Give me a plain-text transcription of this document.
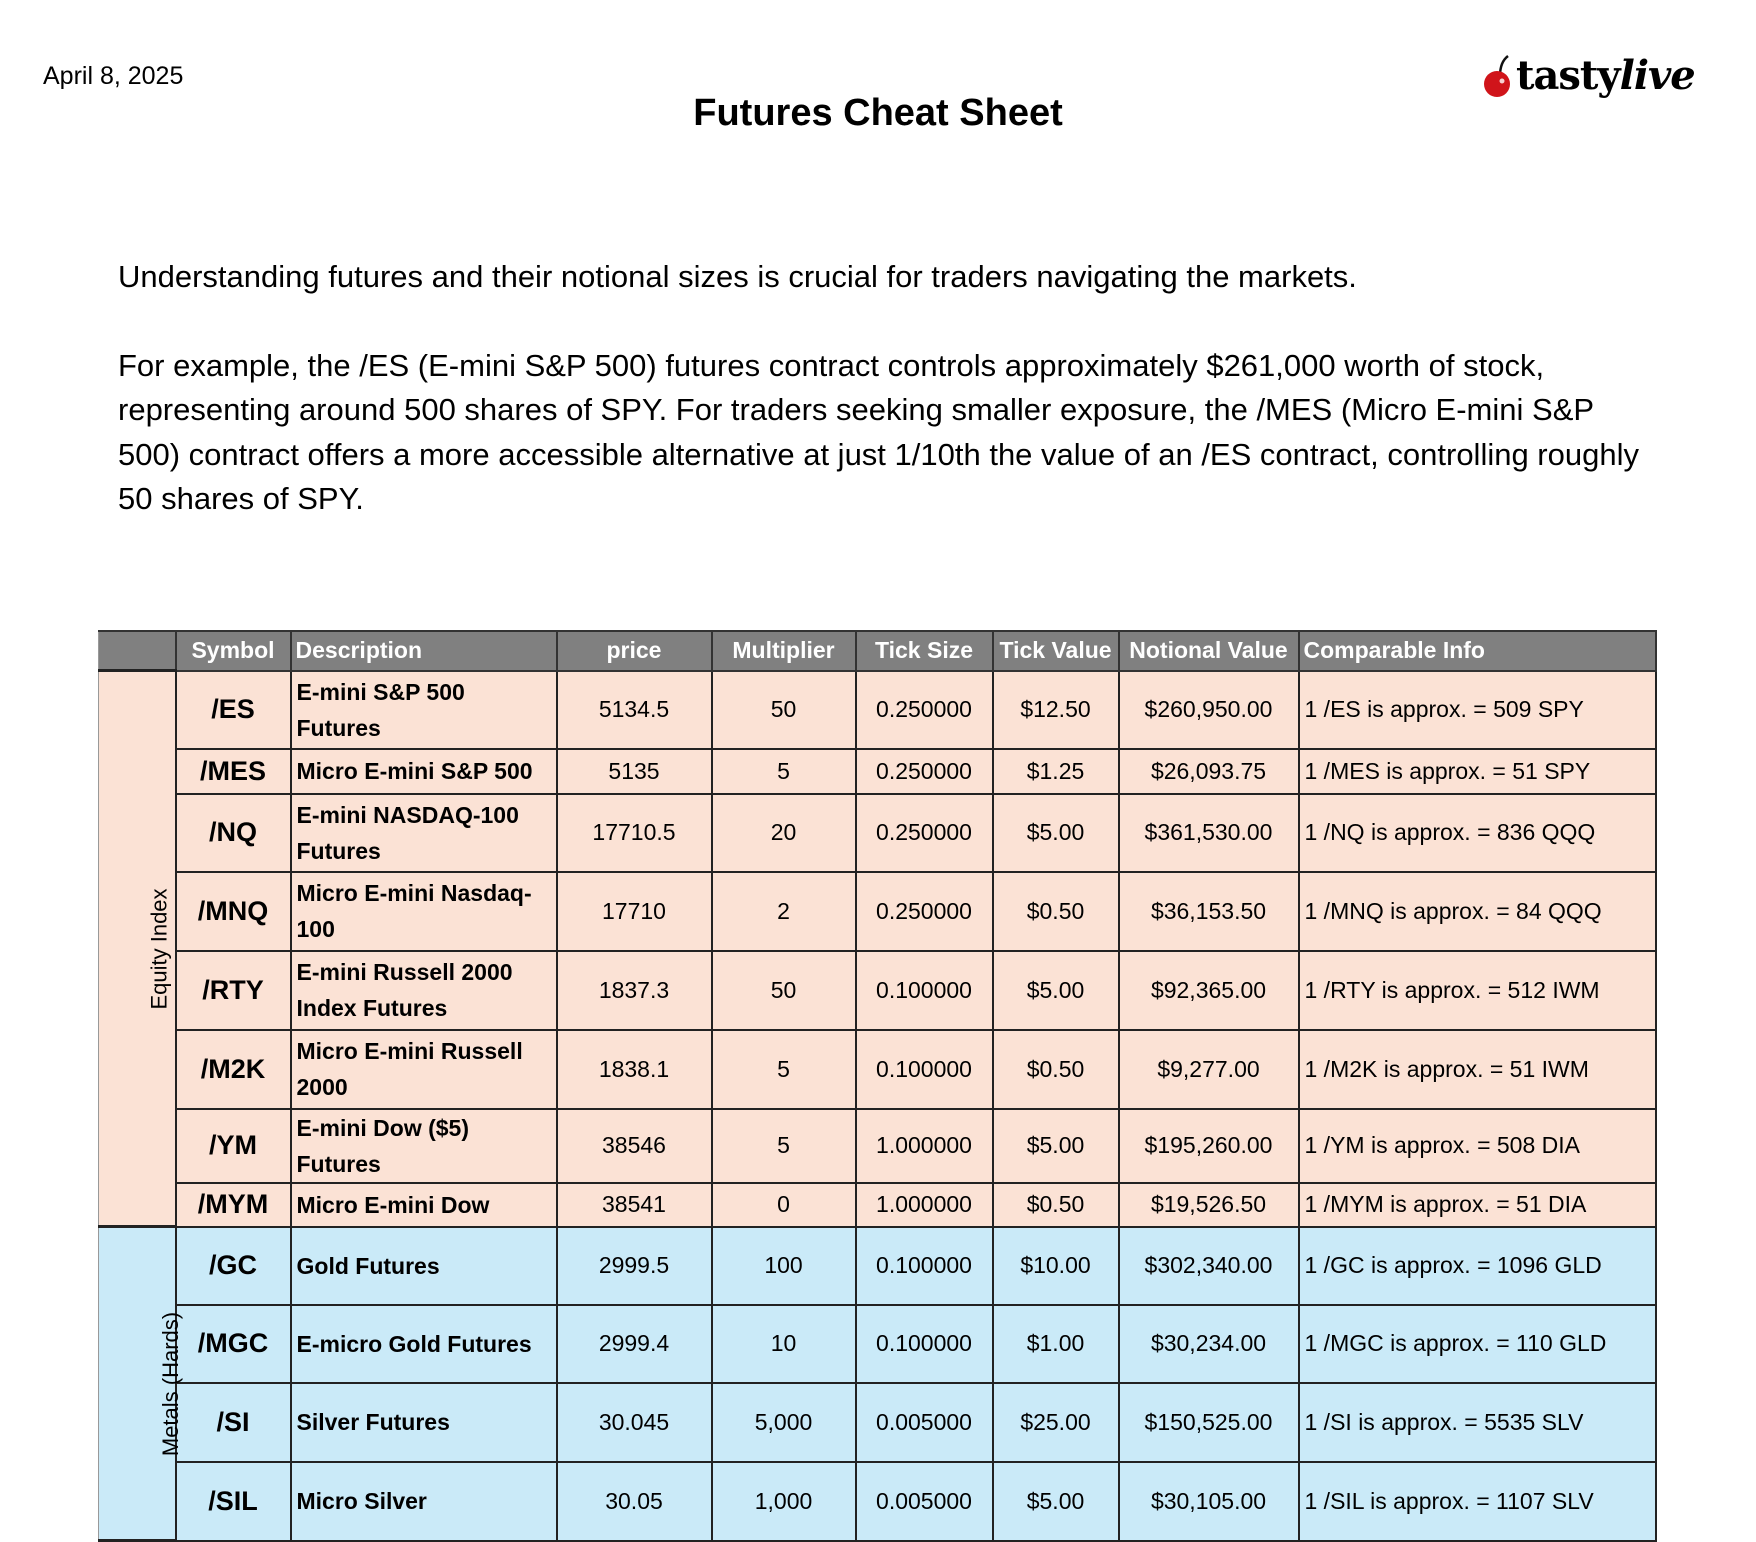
April 8, 2025
Futures Cheat Sheet
tastylive

Understanding futures and their notional sizes is crucial for traders navigating the markets.

For example, the /ES (E-mini S&P 500) futures contract controls approximately $261,000 worth of stock, representing around 500 shares of SPY. For traders seeking smaller exposure, the /MES (Micro E-mini S&P 500) contract offers a more accessible alternative at just 1/10th the value of an /ES contract, controlling roughly 50 shares of SPY.

	Symbol	Description	price	Multiplier	Tick Size	Tick Value	Notional Value	Comparable Info
Equity Index	/ES	E-mini S&P 500 Futures	5134.5	50	0.250000	$12.50	$260,950.00	1 /ES is approx. = 509 SPY
	/MES	Micro E-mini S&P 500	5135	5	0.250000	$1.25	$26,093.75	1 /MES is approx. = 51 SPY
	/NQ	E-mini NASDAQ-100 Futures	17710.5	20	0.250000	$5.00	$361,530.00	1 /NQ is approx. = 836 QQQ
	/MNQ	Micro E-mini Nasdaq-100	17710	2	0.250000	$0.50	$36,153.50	1 /MNQ is approx. = 84 QQQ
	/RTY	E-mini Russell 2000 Index Futures	1837.3	50	0.100000	$5.00	$92,365.00	1 /RTY is approx. = 512 IWM
	/M2K	Micro E-mini Russell 2000	1838.1	5	0.100000	$0.50	$9,277.00	1 /M2K is approx. = 51 IWM
	/YM	E-mini Dow ($5) Futures	38546	5	1.000000	$5.00	$195,260.00	1 /YM is approx. = 508 DIA
	/MYM	Micro E-mini Dow	38541	0	1.000000	$0.50	$19,526.50	1 /MYM is approx. = 51 DIA
Metals (Hards)	/GC	Gold Futures	2999.5	100	0.100000	$10.00	$302,340.00	1 /GC is approx. = 1096 GLD
	/MGC	E-micro Gold Futures	2999.4	10	0.100000	$1.00	$30,234.00	1 /MGC is approx. = 110 GLD
	/SI	Silver Futures	30.045	5,000	0.005000	$25.00	$150,525.00	1 /SI is approx. = 5535 SLV
	/SIL	Micro Silver	30.05	1,000	0.005000	$5.00	$30,105.00	1 /SIL is approx. = 1107 SLV
